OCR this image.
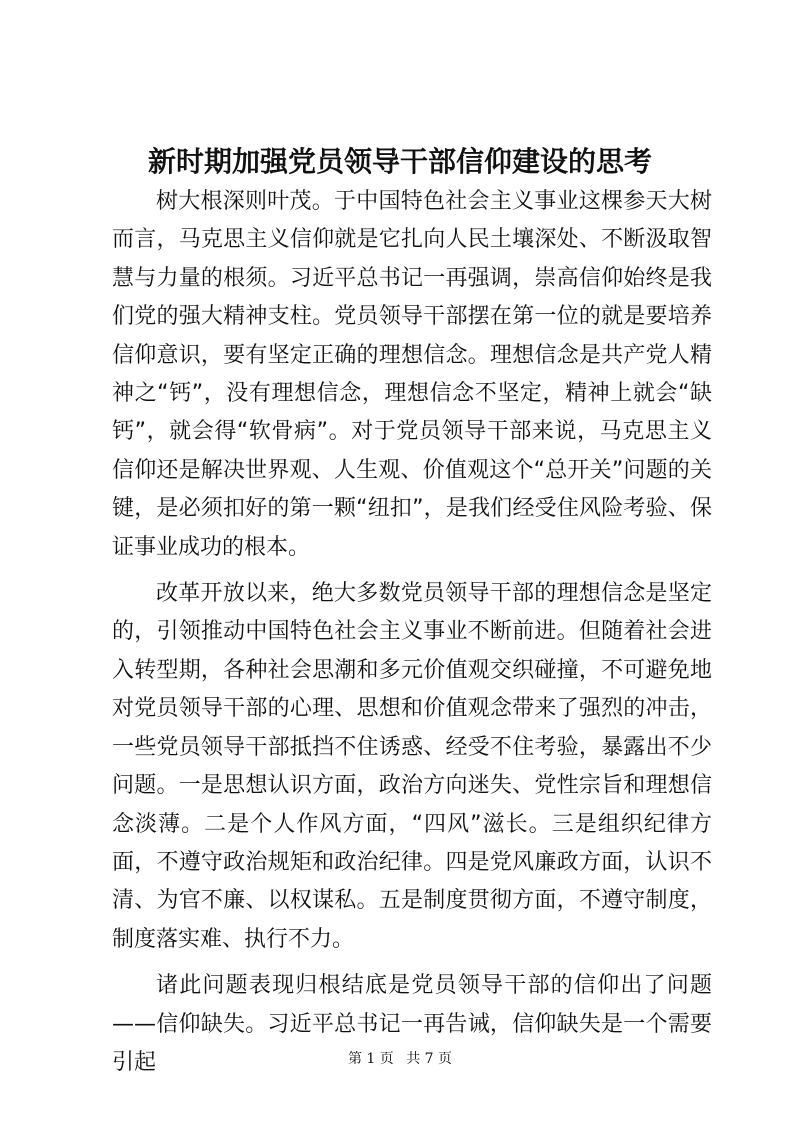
新时期加强党员领导干部信仰建设的思考

树大根深则叶茂。于中国特色社会主义事业这棵参天大树而言，马克思主义信仰就是它扎向人民土壤深处、不断汲取智慧与力量的根须。习近平总书记一再强调，崇高信仰始终是我们党的强大精神支柱。党员领导干部摆在第一位的就是要培养信仰意识，要有坚定正确的理想信念。理想信念是共产党人精神之“钙”，没有理想信念，理想信念不坚定，精神上就会“缺钙”，就会得“软骨病”。对于党员领导干部来说，马克思主义信仰还是解决世界观、人生观、价值观这个“总开关”问题的关键，是必须扣好的第一颗“纽扣”，是我们经受住风险考验、保证事业成功的根本。

改革开放以来，绝大多数党员领导干部的理想信念是坚定的，引领推动中国特色社会主义事业不断前进。但随着社会进入转型期，各种社会思潮和多元价值观交织碰撞，不可避免地对党员领导干部的心理、思想和价值观念带来了强烈的冲击，一些党员领导干部抵挡不住诱惑、经受不住考验，暴露出不少问题。一是思想认识方面，政治方向迷失、党性宗旨和理想信念淡薄。二是个人作风方面，“四风”滋长。三是组织纪律方面，不遵守政治规矩和政治纪律。四是党风廉政方面，认识不清、为官不廉、以权谋私。五是制度贯彻方面，不遵守制度，制度落实难、执行不力。

诸此问题表现归根结底是党员领导干部的信仰出了问题——信仰缺失。习近平总书记一再告诫，信仰缺失是一个需要引起	第 1 页 共 7 页
